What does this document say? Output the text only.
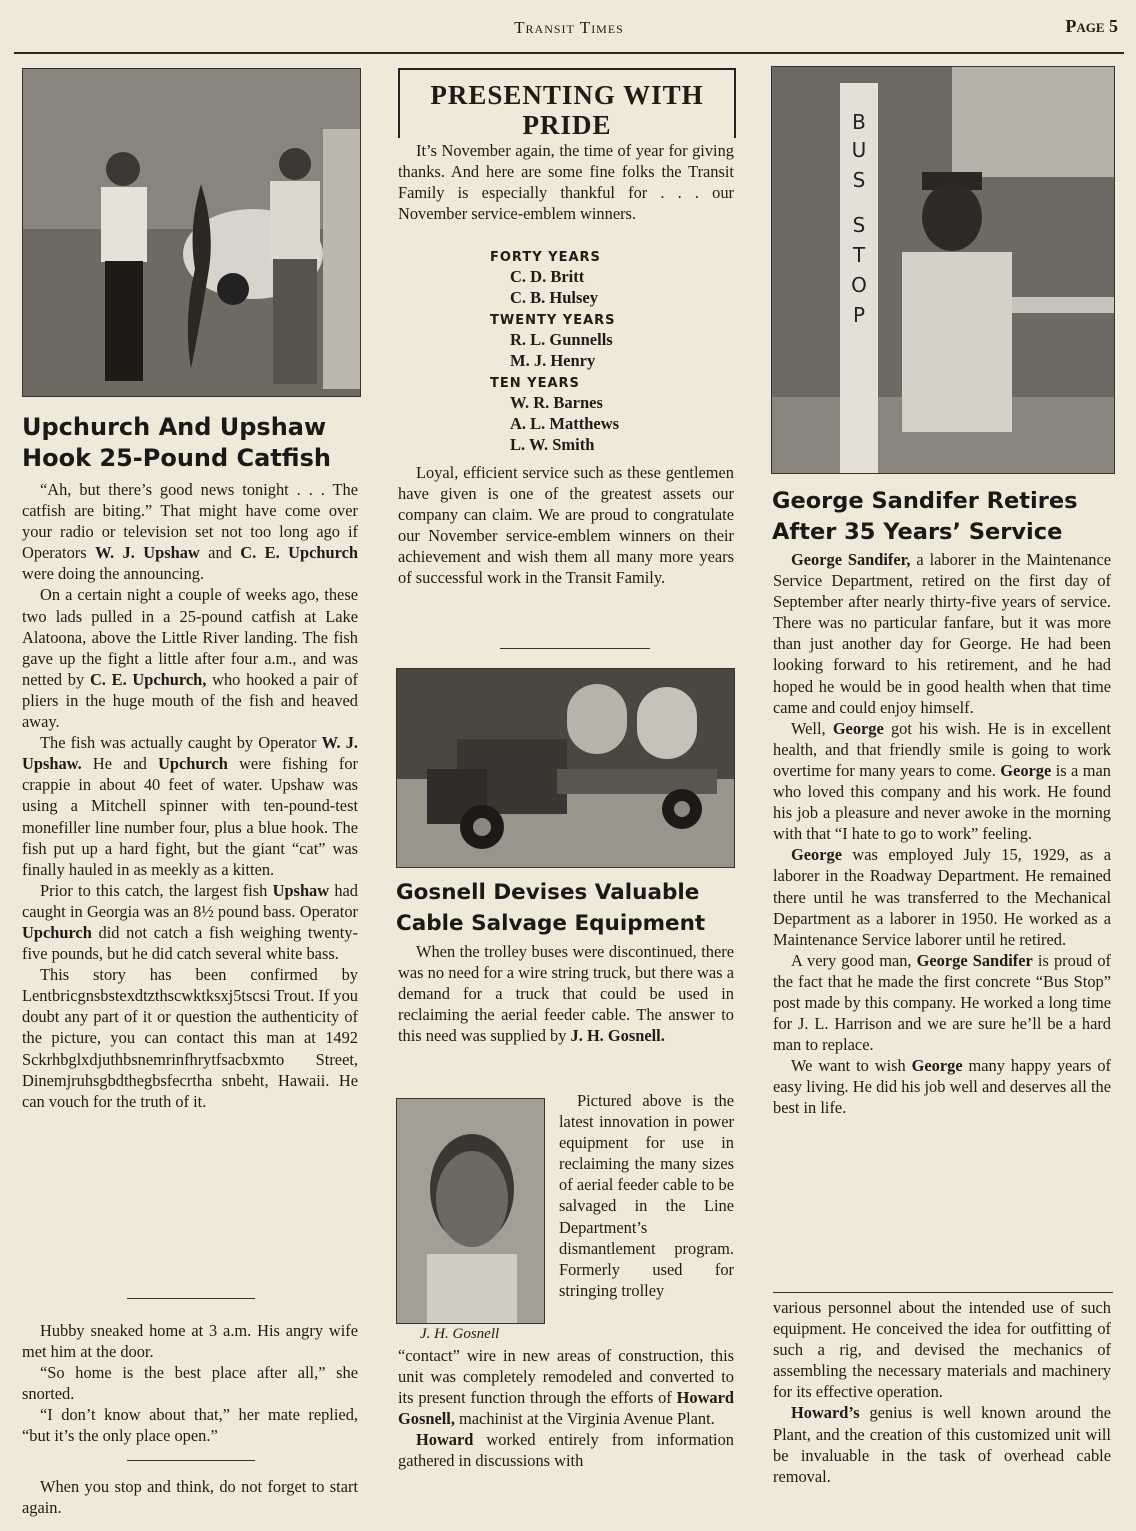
Transit Times	Page 5
Upchurch And Upshaw
Hook 25-Pound Catfish

“Ah, but there’s good news tonight . . . The catfish are biting.” That might have come over your radio or television set not too long ago if Operators W. J. Upshaw and C. E. Upchurch were doing the announcing.

On a certain night a couple of weeks ago, these two lads pulled in a 25-pound catfish at Lake Alatoona, above the Little River landing. The fish gave up the fight a little after four a.m., and was netted by C. E. Upchurch, who hooked a pair of pliers in the huge mouth of the fish and heaved away.

The fish was actually caught by Operator W. J. Upshaw. He and Upchurch were fishing for crappie in about 40 feet of water. Upshaw was using a Mitchell spinner with ten-pound-test monefiller line number four, plus a blue hook. The fish put up a hard fight, but the giant “cat” was finally hauled in as meekly as a kitten.

Prior to this catch, the largest fish Upshaw had caught in Georgia was an 8½ pound bass. Operator Upchurch did not catch a fish weighing twenty-five pounds, but he did catch several white bass.

This story has been confirmed by Lentbricgnsbstexdtzthscwktksxj5tscsi Trout. If you doubt any part of it or question the authenticity of the picture, you can contact this man at 1492 Sckrhbglxdjuthbsnemrinfhrytfsacbxmto Street, Dinemjruhsgbdthegbsfecrtha snbeht, Hawaii. He can vouch for the truth of it.

Hubby sneaked home at 3 a.m. His angry wife met him at the door.

“So home is the best place after all,” she snorted.

“I don’t know about that,” her mate replied, “but it’s the only place open.”

When you stop and think, do not forget to start again.

PRESENTING WITH
PRIDE

It’s November again, the time of year for giving thanks. And here are some fine folks the Transit Family is especially thankful for . . . our November service-emblem winners.

FORTY YEARS
C. D. Britt
C. B. Hulsey
TWENTY YEARS
R. L. Gunnells
M. J. Henry
TEN YEARS
W. R. Barnes
A. L. Matthews
L. W. Smith

Loyal, efficient service such as these gentlemen have given is one of the greatest assets our company can claim. We are proud to congratulate our November service-emblem winners on their achievement and wish them all many more years of successful work in the Transit Family.

Gosnell Devises Valuable
Cable Salvage Equipment

When the trolley buses were discontinued, there was no need for a wire string truck, but there was a demand for a truck that could be used in reclaiming the aerial feeder cable. The answer to this need was supplied by J. H. Gosnell.

J. H. Gosnell

Pictured above is the latest innovation in power equipment for use in reclaiming the many sizes of aerial feeder cable to be salvaged in the Line Department’s dismantlement program. Formerly used for stringing trolley

“contact” wire in new areas of construction, this unit was completely remodeled and converted to its present function through the efforts of Howard Gosnell, machinist at the Virginia Avenue Plant.

Howard worked entirely from information gathered in discussions with

B
U
S
S
T
O
P
George Sandifer Retires
After 35 Years’ Service

George Sandifer, a laborer in the Maintenance Service Department, retired on the first day of September after nearly thirty-five years of service. There was no particular fanfare, but it was more than just another day for George. He had been looking forward to his retirement, and he had hoped he would be in good health when that time came and could enjoy himself.

Well, George got his wish. He is in excellent health, and that friendly smile is going to work overtime for many years to come. George is a man who loved this company and his work. He found his job a pleasure and never awoke in the morning with that “I hate to go to work” feeling.

George was employed July 15, 1929, as a laborer in the Roadway Department. He remained there until he was transferred to the Mechanical Department as a laborer in 1950. He worked as a Maintenance Service laborer until he retired.

A very good man, George Sandifer is proud of the fact that he made the first concrete “Bus Stop” post made by this company. He worked a long time for J. L. Harrison and we are sure he’ll be a hard man to replace.

We want to wish George many happy years of easy living. He did his job well and deserves all the best in life.

various personnel about the intended use of such equipment. He conceived the idea for outfitting of such a rig, and devised the mechanics of assembling the necessary materials and machinery for its effective operation.

Howard’s genius is well known around the Plant, and the creation of this customized unit will be invaluable in the task of overhead cable removal.
